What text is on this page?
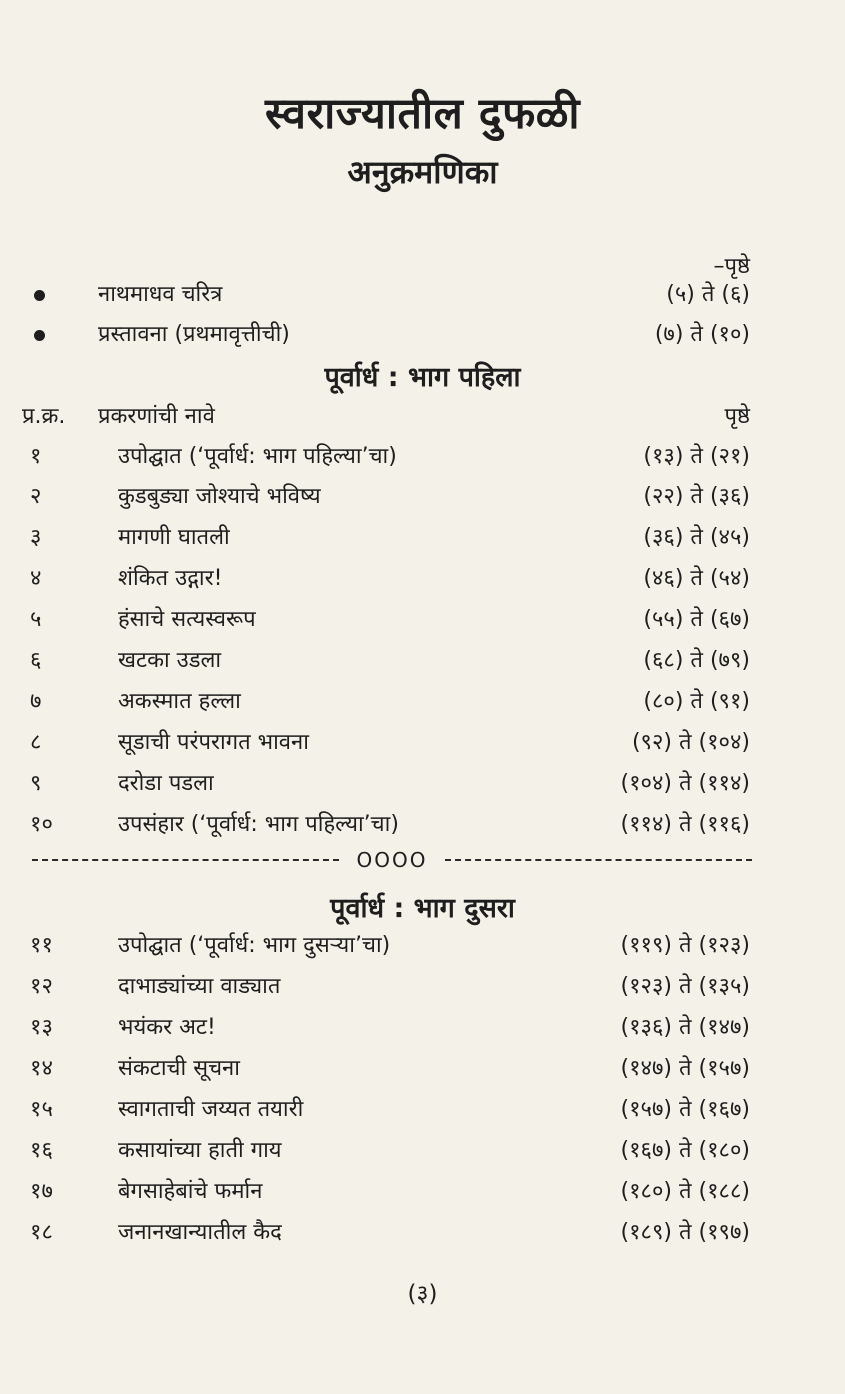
स्वराज्यातील दुफळी
अनुक्रमणिका
–पृष्ठे
नाथमाधव चरित्र	(५) ते (६)
प्रस्तावना (प्रथमावृत्तीची)	(७) ते (१०)
पूर्वार्ध : भाग पहिला
प्र.क्र. प्रकरणांची नावे	पृष्ठे
१	उपोद्घात (‘पूर्वार्ध: भाग पहिल्या’चा)	(१३) ते (२१)
२	कुडबुड्या जोश्याचे भविष्य	(२२) ते (३६)
३	मागणी घातली	(३६) ते (४५)
४	शंकित उद्गार!	(४६) ते (५४)
५	हंसाचे सत्यस्वरूप	(५५) ते (६७)
६	खटका उडला	(६८) ते (७९)
७	अकस्मात हल्ला	(८०) ते (९१)
८	सूडाची परंपरागत भावना	(९२) ते (१०४)
९	दरोडा पडला	(१०४) ते (११४)
१०	उपसंहार (‘पूर्वार्ध: भाग पहिल्या’चा)	(११४) ते (११६)
OOOO
पूर्वार्ध : भाग दुसरा
११	उपोद्घात (‘पूर्वार्ध: भाग दुसऱ्या’चा)	(११९) ते (१२३)
१२	दाभाड्यांच्या वाड्यात	(१२३) ते (१३५)
१३	भयंकर अट!	(१३६) ते (१४७)
१४	संकटाची सूचना	(१४७) ते (१५७)
१५	स्वागताची जय्यत तयारी	(१५७) ते (१६७)
१६	कसायांच्या हाती गाय	(१६७) ते (१८०)
१७	बेगसाहेबांचे फर्मान	(१८०) ते (१८८)
१८	जनानखान्यातील कैद	(१८९) ते (१९७)
(३)
